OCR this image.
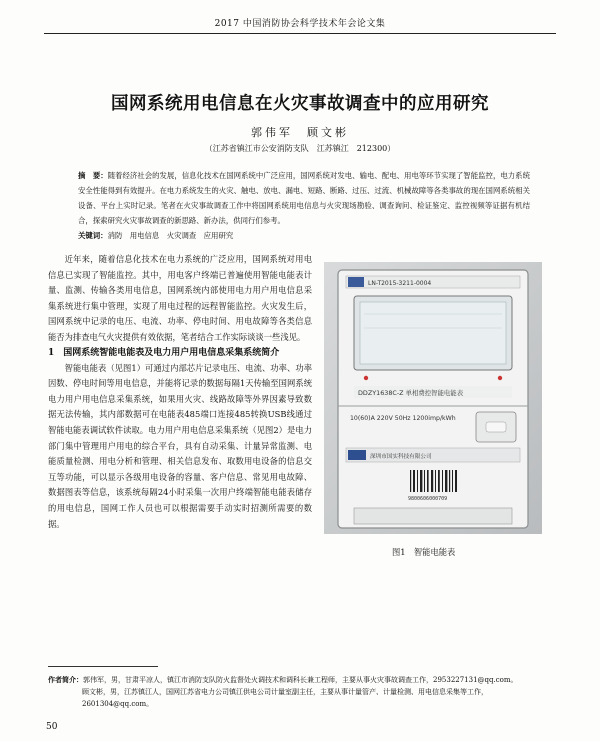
2017 中国消防协会科学技术年会论文集
国网系统用电信息在火灾事故调查中的应用研究
郭伟军　顾文彬
（江苏省镇江市公安消防支队　江苏镇江　212300）
摘　要：随着经济社会的发展，信息化技术在国网系统中广泛应用，国网系统对发电、输电、配电、用电等环节实现了智能监控，电力系统安全性能得到有效提升。在电力系统发生的火灾、触电、放电、漏电、短路、断路、过压、过流、机械故障等各类事故的现在国网系统相关设备、平台上实时记录。笔者在火灾事故调查工作中将国网系统用电信息与火灾现场勘验、调查询问、检证鉴定、监控视频等证据有机结合，探索研究火灾事故调查的新思路、新办法，供同行们参考。
关键词：消防　用电信息　火灾调查　应用研究

近年来，随着信息化技术在电力系统的广泛应用，国网系统对用电信息已实现了智能监控。其中，用电客户终端已普遍使用智能电能表计量、监测、传输各类用电信息，国网系统内部使用电力用户用电信息采集系统进行集中管理，实现了用电过程的远程智能监控。火灾发生后，国网系统中记录的电压、电流、功率、停电时间、用电故障等各类信息能否为排查电气火灾提供有效依据，笔者结合工作实际谈谈一些浅见。

1　国网系统智能电能表及电力用户用电信息采集系统简介

智能电能表（见图1）可通过内部芯片记录电压、电流、功率、功率因数、停电时间等用电信息，并能将记录的数据每隔1天传输至国网系统电力用户用电信息采集系统，如果用火灾、线路故障等外界因素导致数据无法传输，其内部数据可在电能表485端口连接485转换USB线通过智能电能表调试软件读取。电力用户用电信息采集系统（见图2）是电力部门集中管理用户用电的综合平台，具有自动采集、计量异常监测、电能质量检测、用电分析和管理、相关信息发布、取数用电设备的信息交互等功能，可以显示各级用电设备的容量、客户信息、常见用电故障、数据图表等信息，该系统每隔24小时采集一次用户终端智能电能表储存的用电信息，国网工作人员也可以根据需要手动实时招测所需要的数据。

LN-T2015-3211-0004
DDZY1638C-Z 单相费控智能电能表
10(60)A 220V 50Hz 1200imp/kWh
深圳市国实科技有限公司
9800606000709
图1　智能电能表
作者简介：郭伟军，男，甘肃平凉人，镇江市消防支队防火监督处火调技术和调科长兼工程师，主要从事火灾事故调查工作，2953227131@qq.com。
顾文彬，男，江苏镇江人，国网江苏省电力公司镇江供电公司计量室副主任，主要从事计量管产、计量检测、用电信息采集等工作，2601304@qq.com。
50
